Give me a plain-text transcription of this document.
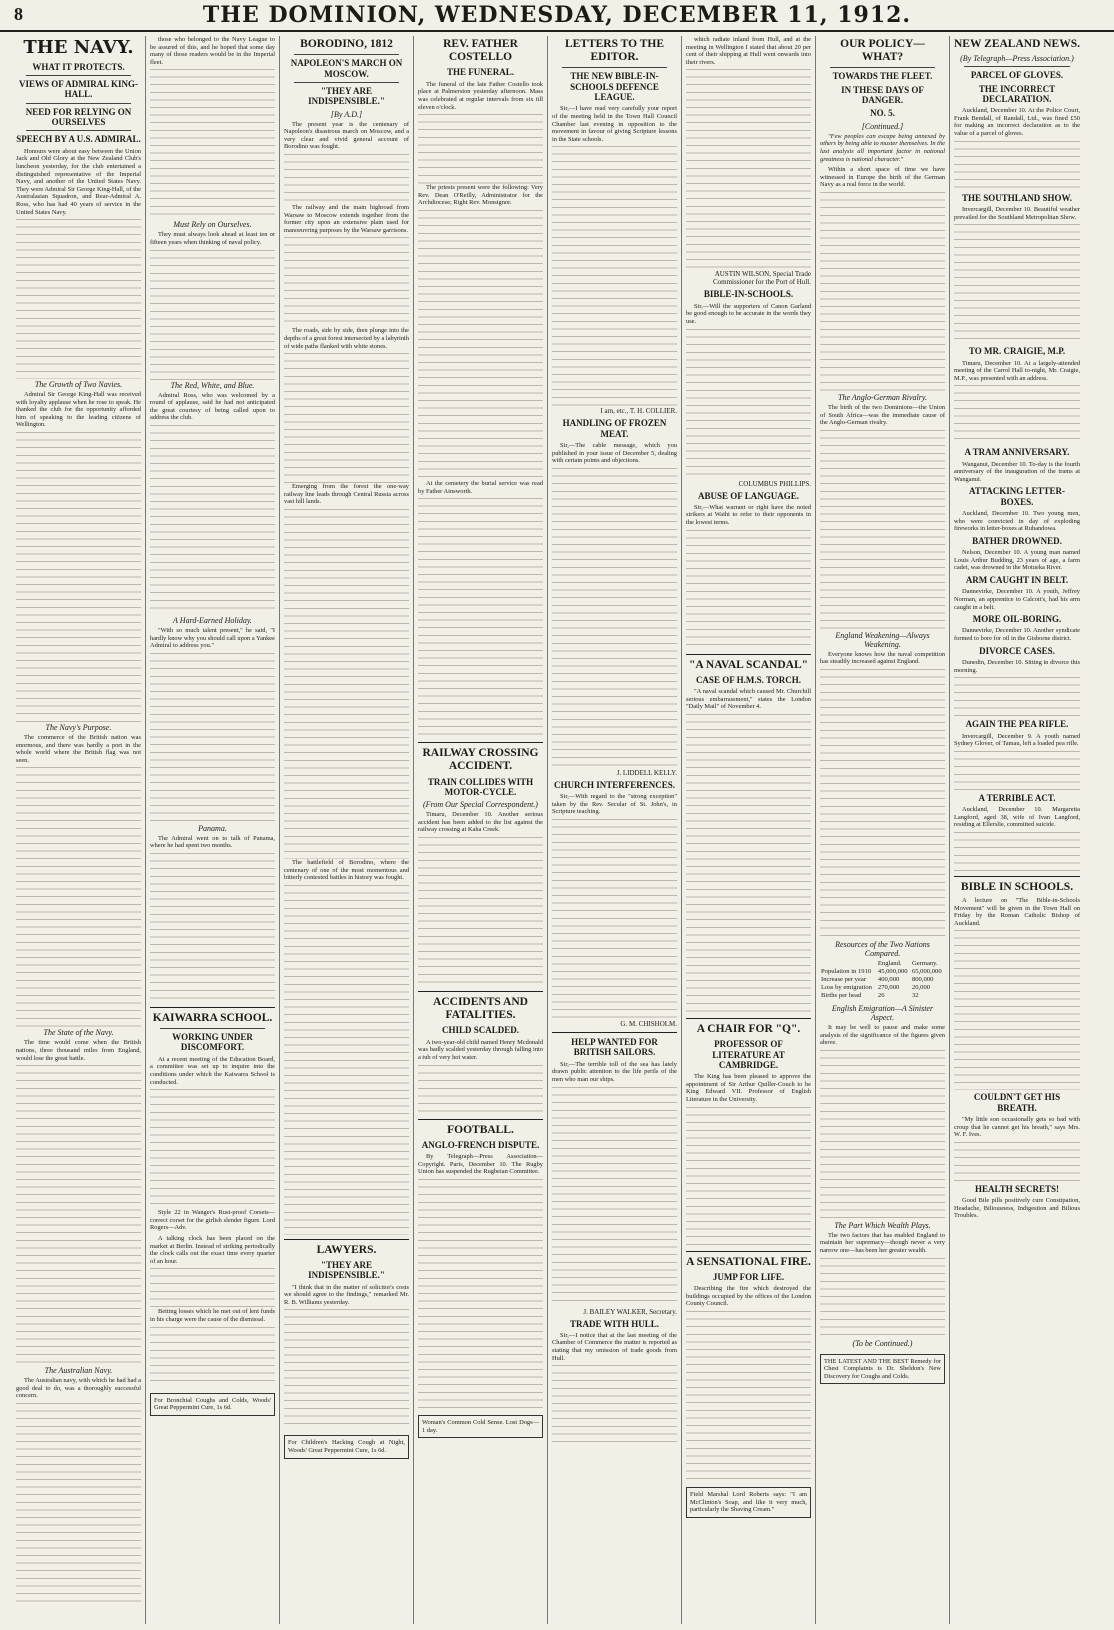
8	THE DOMINION, WEDNESDAY, DECEMBER 11, 1912.
THE NAVY.
WHAT IT PROTECTS.
VIEWS OF ADMIRAL KING-HALL.
NEED FOR RELYING ON OURSELVES
SPEECH BY A U.S. ADMIRAL.

Honours were about easy between the Union Jack and Old Glory at the New Zealand Club's luncheon yesterday, for the club entertained a distinguished representative of the Imperial Navy, and another of the United States Navy. They were Admiral Sir George King-Hall, of the Australasian Squadron, and Rear-Admiral A. Ross, who has had 40 years of service in the United States Navy.

The Growth of Two Navies.

Admiral Sir George King-Hall was received with loyalty applause when he rose to speak. He thanked the club for the opportunity afforded him of speaking to the leading citizens of Wellington.

The Navy's Purpose.

The commerce of the British nation was enormous, and there was hardly a port in the whole world where the British flag was not seen.

The State of the Navy.

The time would come when the British nations, three thousand miles from England, would lose the great battle.

The Australian Navy.

The Australian navy, with which he had had a good deal to do, was a thoroughly successful concern.

those who belonged to the Navy League to be assured of this, and he hoped that some day many of those readers would be in the Imperial fleet.

Must Rely on Ourselves.

They must always look ahead at least ten or fifteen years when thinking of naval policy.

The Red, White, and Blue.

Admiral Ross, who was welcomed by a round of applause, said he had not anticipated the great courtesy of being called upon to address the club.

A Hard-Earned Holiday.

"With so much talent present," he said, "I hardly know why you should call upon a Yankee Admiral to address you."

Panama.

The Admiral went on to talk of Panama, where he had spent two months.

KAIWARRA SCHOOL.
WORKING UNDER DISCOMFORT.

At a recent meeting of the Education Board, a committee was set up to inquire into the conditions under which the Kaiwarra School is conducted.

Style 22 in Wanger's Rust-proof Corsets—correct corset for the girlish slender figure. Lord Rogers—Adv.

A talking clock has been placed on the market at Berlin. Instead of striking periodically the clock calls out the exact time every quarter of an hour.

Betting losses which he met out of lent funds in his charge were the cause of the dismissal.

For Bronchial Coughs and Colds, Woods' Great Peppermint Cure, 1s 6d.
BORODINO, 1812
NAPOLEON'S MARCH ON MOSCOW.
"THEY ARE INDISPENSIBLE."
[By A.D.]

The present year is the centenary of Napoleon's disastrous march on Moscow, and a very clear and vivid general account of Borodino was fought.

The railway and the main highroad from Warsaw to Moscow extends together from the former city upon an extensive plain used for manoeuvring purposes by the Warsaw garrisons.

The roads, side by side, then plunge into the depths of a great forest intersected by a labyrinth of wide paths flanked with white stones.

Emerging from the forest the one-way railway line leads through Central Russia across vast hill lands.

The battlefield of Borodino, where the centenary of one of the most momentous and bitterly contested battles in history was fought.

LAWYERS.
"THEY ARE INDISPENSIBLE."

"I think that in the matter of solicitor's costs we should agree to the findings," remarked Mr. R. B. Williams yesterday.

For Children's Hacking Cough at Night, Woods' Great Peppermint Cure, 1s 6d.
REV. FATHER COSTELLO
THE FUNERAL.

The funeral of the late Father Costello took place at Palmerston yesterday afternoon. Mass was celebrated at regular intervals from six till eleven o'clock.

The priests present were the following: Very Rev. Dean O'Reilly, Administrator for the Archdiocese; Right Rev. Monsignor.

At the cemetery the burial service was read by Father Ainsworth.

RAILWAY CROSSING ACCIDENT.
TRAIN COLLIDES WITH MOTOR-CYCLE.
(From Our Special Correspondent.)

Timaru, December 10. Another serious accident has been added to the list against the railway crossing at Kaha Creek.

ACCIDENTS AND FATALITIES.
CHILD SCALDED.

A two-year-old child named Henry Mcdonald was badly scalded yesterday through falling into a tub of very hot water.

FOOTBALL.
ANGLO-FRENCH DISPUTE.

By Telegraph—Press Association—Copyright. Paris, December 10. The Rugby Union has suspended the Rugbeian Committee.

Woman's Common Cold Sense. Lost Dogs—1 day.
LETTERS TO THE EDITOR.
THE NEW BIBLE-IN-SCHOOLS DEFENCE LEAGUE.

Sir,—I have read very carefully your report of the meeting held in the Town Hall Council Chamber last evening in opposition to the movement in favour of giving Scripture lessons in the State schools.

I am, etc., T. H. COLLIER.
HANDLING OF FROZEN MEAT.

Sir,—The cable message, which you published in your issue of December 5, dealing with certain points and objections.

J. LIDDELL KELLY.
CHURCH INTERFERENCES.

Sir,—With regard to the "strong exception" taken by the Rev. Secular of St. John's, in Scripture teaching.

G. M. CHISHOLM.
HELP WANTED FOR BRITISH SAILORS.

Sir,—The terrible toll of the sea has lately drawn public attention to the life perils of the men who man our ships.

J. BAILEY WALKER, Secretary.
TRADE WITH HULL.

Sir,—I notice that at the last meeting of the Chamber of Commerce the matter is reported as stating that my omission of trade goods from Hull.

which radiate inland from Hull, and at the meeting in Wellington I stated that about 20 per cent of their shipping at Hull went onwards into their rivers.

AUSTIN WILSON, Special Trade Commissioner for the Port of Hull.
BIBLE-IN-SCHOOLS.

Sir,—Will the supporters of Canon Garland be good enough to be accurate in the words they use.

COLUMBUS PHILLIPS.
ABUSE OF LANGUAGE.

Sir,—What warrant or right have the noted strikers at Waihi to refer to their opponents in the lowest terms.

"A NAVAL SCANDAL"
CASE OF H.M.S. TORCH.

"A naval scandal which caused Mr. Churchill serious embarrassment," states the London "Daily Mail" of November 4.

A CHAIR FOR "Q".
PROFESSOR OF LITERATURE AT CAMBRIDGE.

The King has been pleased to approve the appointment of Sir Arthur Quiller-Couch to be King Edward VII. Professor of English Literature in the University.

A SENSATIONAL FIRE.
JUMP FOR LIFE.

Describing the fire which destroyed the buildings occupied by the offices of the London County Council.

Field Marshal Lord Roberts says: "I am McClinton's Soap, and like it very much, particularly the Shaving Cream."
OUR POLICY—WHAT?
TOWARDS THE FLEET.
IN THESE DAYS OF DANGER.
NO. 5.
[Continued.]

"Few peoples can escape being annexed by others by being able to muster themselves. In the last analysis all important factor in national greatness is national character."

Within a short space of time we have witnessed in Europe the birth of the German Navy as a real force in the world.

The Anglo-German Rivalry.

The birth of the two Dominions—the Union of South Africa—was the immediate cause of the Anglo-German rivalry.

England Weakening—Always Weakening.

Everyone knows how the naval competition has steadily increased against England.

Resources of the Two Nations Compared.
	England.	Germany.
Population in 1910	45,000,000	65,000,000
Increase per year	400,000	800,000
Loss by emigration	270,000	20,000
Births per head	26	32
English Emigration—A Sinister Aspect.

It may be well to pause and make some analysis of the significance of the figures given above.

The Part Which Wealth Plays.

The two factors that has enabled England to maintain her supremacy—though never a very narrow one—has been her greater wealth.

(To be Continued.)
THE LATEST AND THE BEST Remedy for Chest Complaints is Dr. Sheldon's New Discovery for Coughs and Colds.
NEW ZEALAND NEWS.
(By Telegraph—Press Association.)
PARCEL OF GLOVES.
THE INCORRECT DECLARATION.

Auckland, December 10. At the Police Court, Frank Bendall, of Randall, Ltd., was fined £50 for making an incorrect declaration as to the value of a parcel of gloves.

THE SOUTHLAND SHOW.

Invercargill, December 10. Beautiful weather prevailed for the Southland Metropolitan Show.

TO MR. CRAIGIE, M.P.

Timaru, December 10. At a largely-attended meeting of the Carrol Hall to-night, Mr. Craigie, M.P., was presented with an address.

A TRAM ANNIVERSARY.

Wanganui, December 10. To-day is the fourth anniversary of the inauguration of the trams at Wanganui.

ATTACKING LETTER-BOXES.

Auckland, December 10. Two young men, who were convicted in day of exploding fireworks in letter-boxes at Ruhandowa.

BATHER DROWNED.

Nelson, December 10. A young man named Louis Arthur Budding, 23 years of age, a farm cadet, was drowned in the Motueka River.

ARM CAUGHT IN BELT.

Dannevirke, December 10. A youth, Jeffrey Norman, an apprentice to Calcott's, had his arm caught in a belt.

MORE OIL-BORING.

Dannevirke, December 10. Another syndicate formed to bore for oil in the Gisborne district.

DIVORCE CASES.

Dunedin, December 10. Sitting in divorce this morning.

AGAIN THE PEA RIFLE.

Invercargill, December 9. A youth named Sydney Glover, of Tamau, left a loaded pea rifle.

A TERRIBLE ACT.

Auckland, December 10. Margaretta Langford, aged 38, wife of Ivan Langford, residing at Ellerslie, committed suicide.

BIBLE IN SCHOOLS.

A lecture on "The Bible-in-Schools Movement" will be given in the Town Hall on Friday by the Roman Catholic Bishop of Auckland.

COULDN'T GET HIS BREATH.

"My little son occasionally gets so bad with croup that he cannot get his breath," says Mrs. W. F. Ives.

HEALTH SECRETS!

Good Bile pills positively cure Constipation, Headache, Biliousness, Indigestion and Bilious Troubles.
